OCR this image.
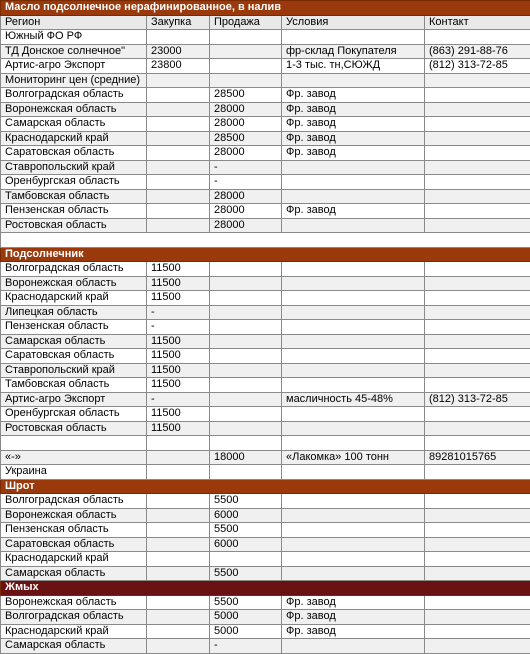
Масло подсолнечное нерафинированное, в налив				
Регион	Закупка	Продажа	Условия	Контакт
Южный ФО РФ				
ТД Донское солнечное"	23000		фр-склад Покупателя	(863) 291-88-76
Артис-агро Экспорт	23800		1-3 тыс. тн,СЮЖД	(812) 313-72-85
Мониторинг цен (средние)				
Волгоградская область		28500	Фр. завод	
Воронежская область		28000	Фр. завод	
Самарская область		28000	Фр. завод	
Краснодарский край		28500	Фр. завод	
Саратовская область		28000	Фр. завод	
Ставропольский край		-		
Оренбургская область		-		
Тамбовская область		28000		
Пензенская область		28000	Фр. завод	
Ростовская область		28000		

Подсолнечник				
Волгоградская область	11500			
Воронежская область	11500			
Краснодарский край	11500			
Липецкая область	-			
Пензенская область	-			
Самарская область	11500			
Саратовская область	11500			
Ставропольский край	11500			
Тамбовская область	11500			
Артис-агро Экспорт	-		масличность 45-48%	(812) 313-72-85
Оренбургская область	11500			
Ростовская область	11500			

«-»		18000	«Лакомка» 100 тонн	89281015765
Украина				
Шрот				
Волгоградская область		5500		
Воронежская область		6000		
Пензенская область		5500		
Саратовская область		6000		
Краснодарский край				
Самарская область		5500		
Жмых				
Воронежская область		5500	Фр. завод	
Волгоградская область		5000	Фр. завод	
Краснодарский край		5000	Фр. завод	
Самарская область		-		
